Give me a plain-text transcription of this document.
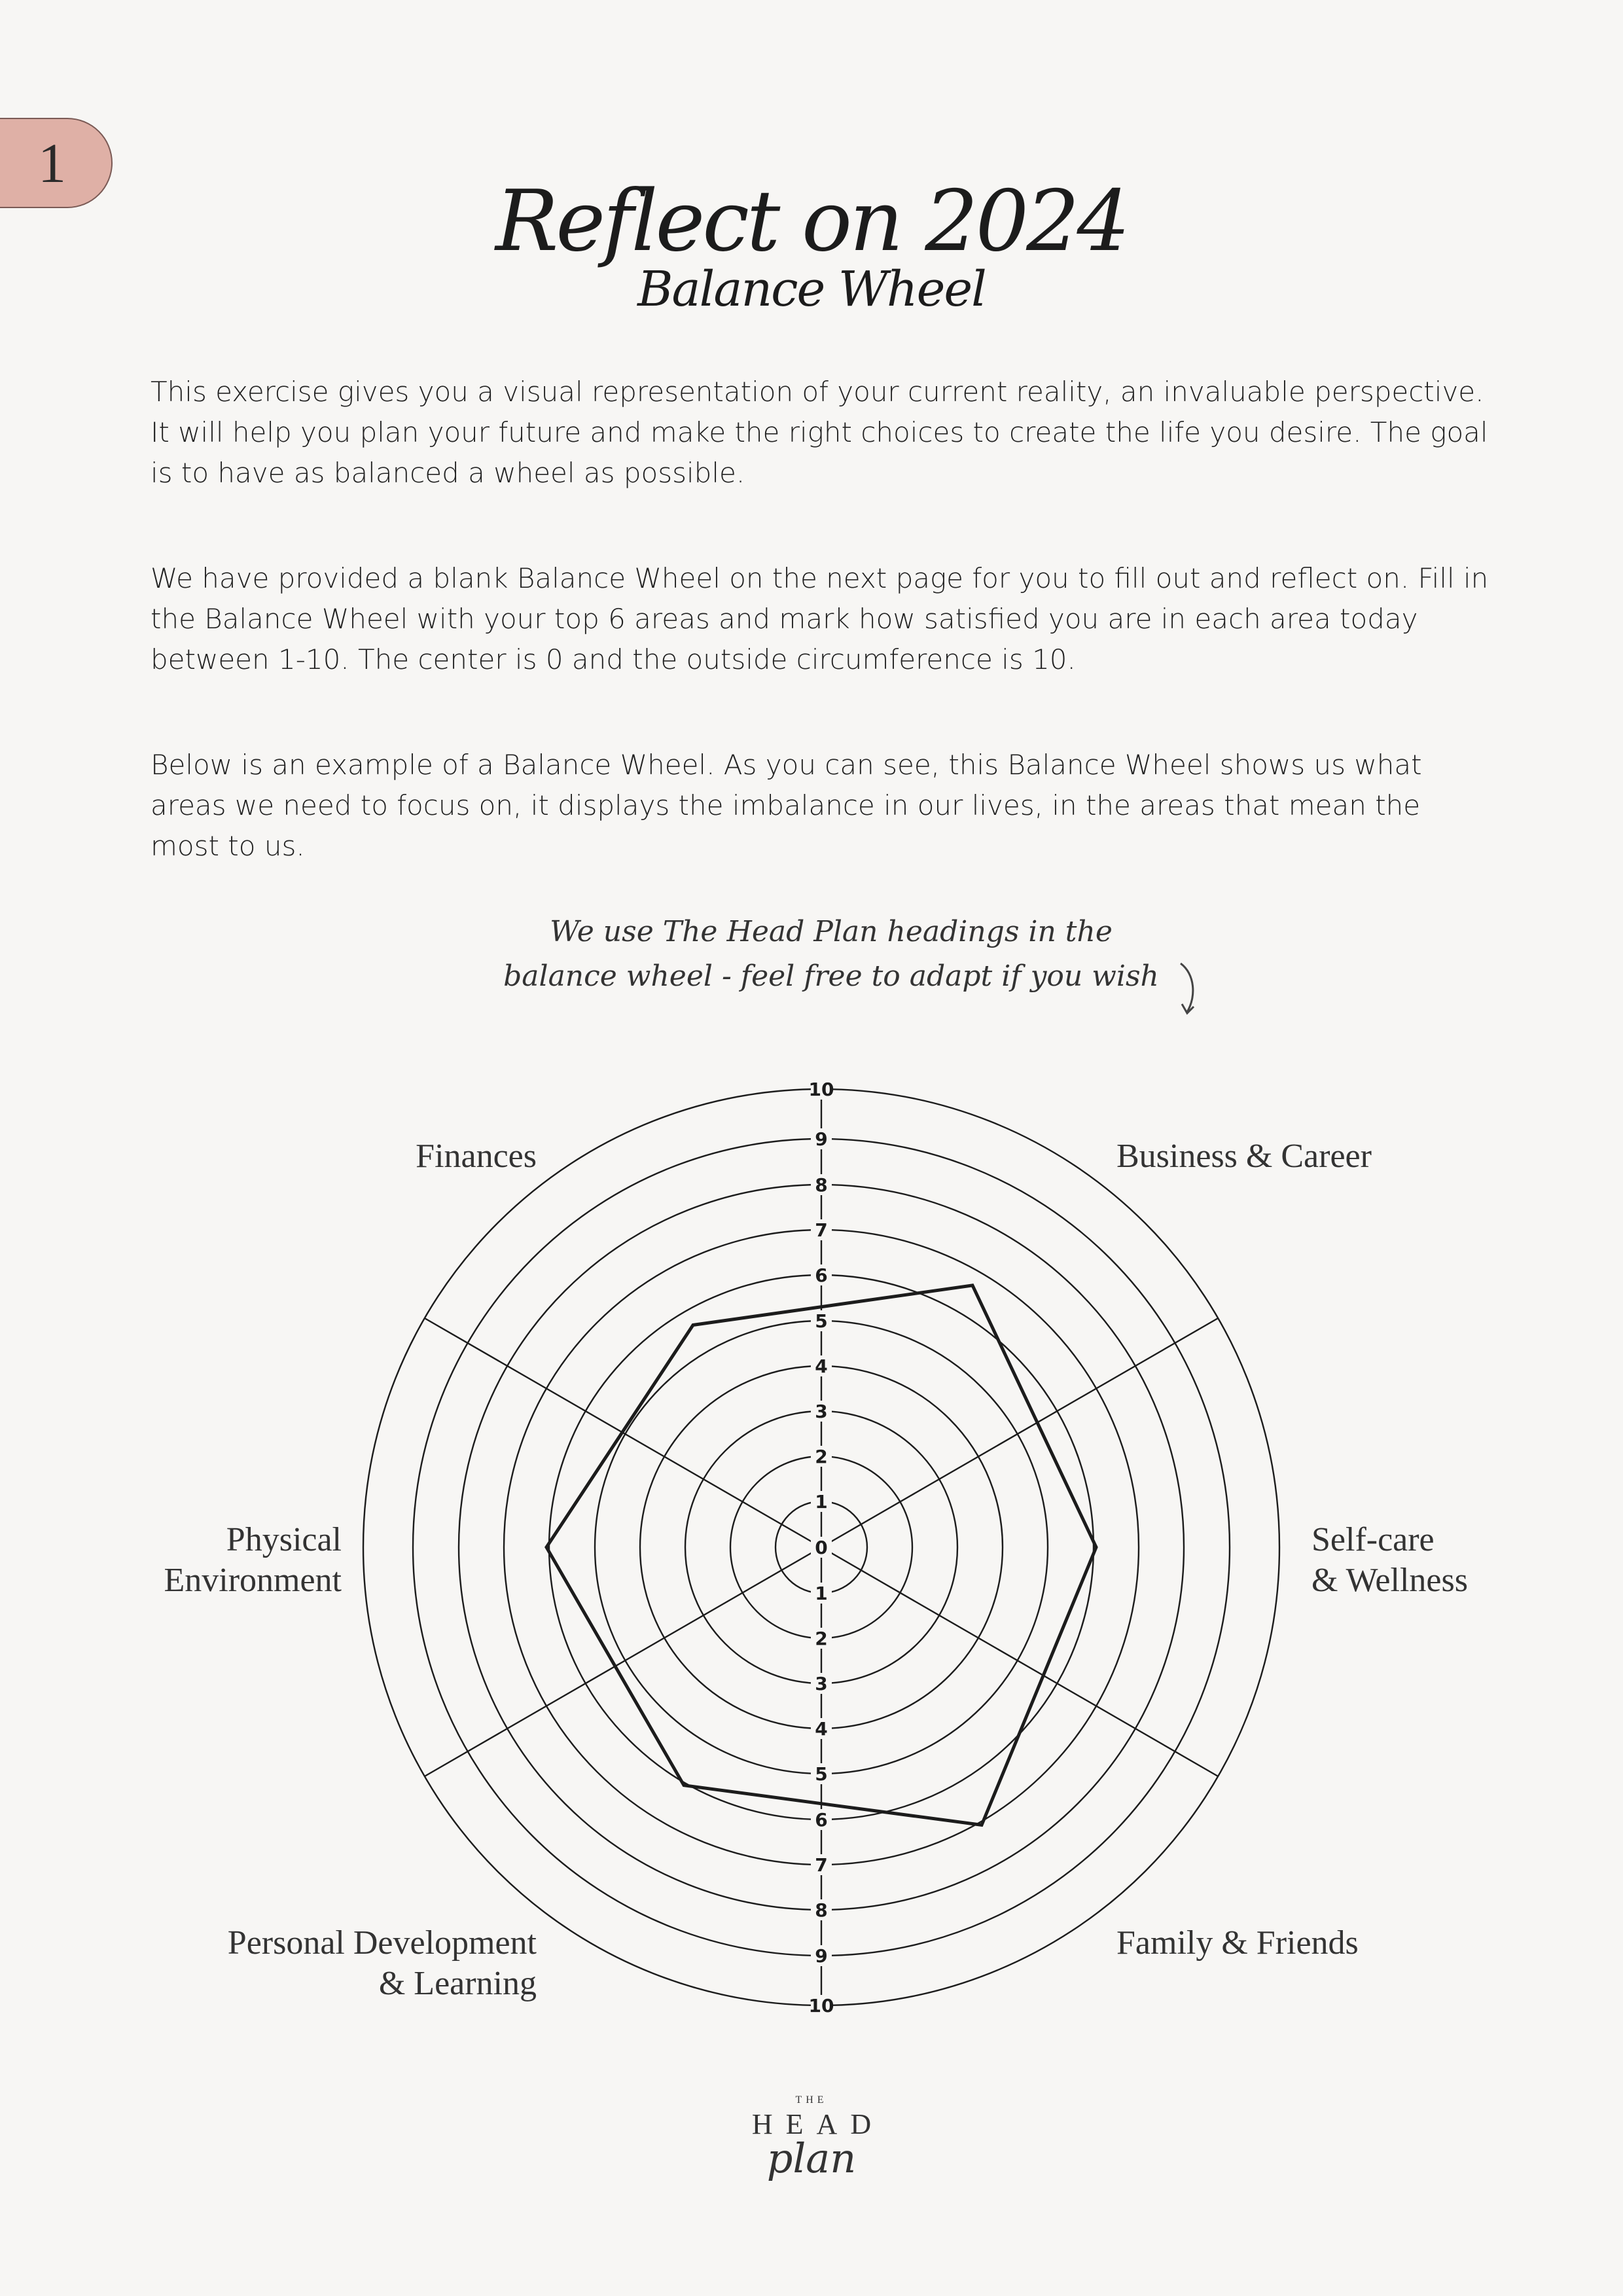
1
Reflect on 2024
Balance Wheel

This exercise gives you a visual representation of your current reality, an invaluable perspective. It will help you plan your future and make the right choices to create the life you desire. The goal is to have as balanced a wheel as possible.

We have provided a blank Balance Wheel on the next page for you to fill out and reflect on. Fill in the Balance Wheel with your top 6 areas and mark how satisfied you are in each area today between 1-10. The center is 0 and the outside circumference is 10.

Below is an example of a Balance Wheel. As you can see, this Balance Wheel shows us what areas we need to focus on, it displays the imbalance in our lives, in the areas that mean the most to us.

We use The Head Plan headings in the
balance wheel - feel free to adapt if you wish
10
9
8
7
6
5
4
3
2
1
0
1
2
3
4
5
6
7
8
9
10
Business & Career
Self-care
& Wellness
Family & Friends
Personal Development
& Learning
Physical
Environment
Finances
THE
HEAD
plan
